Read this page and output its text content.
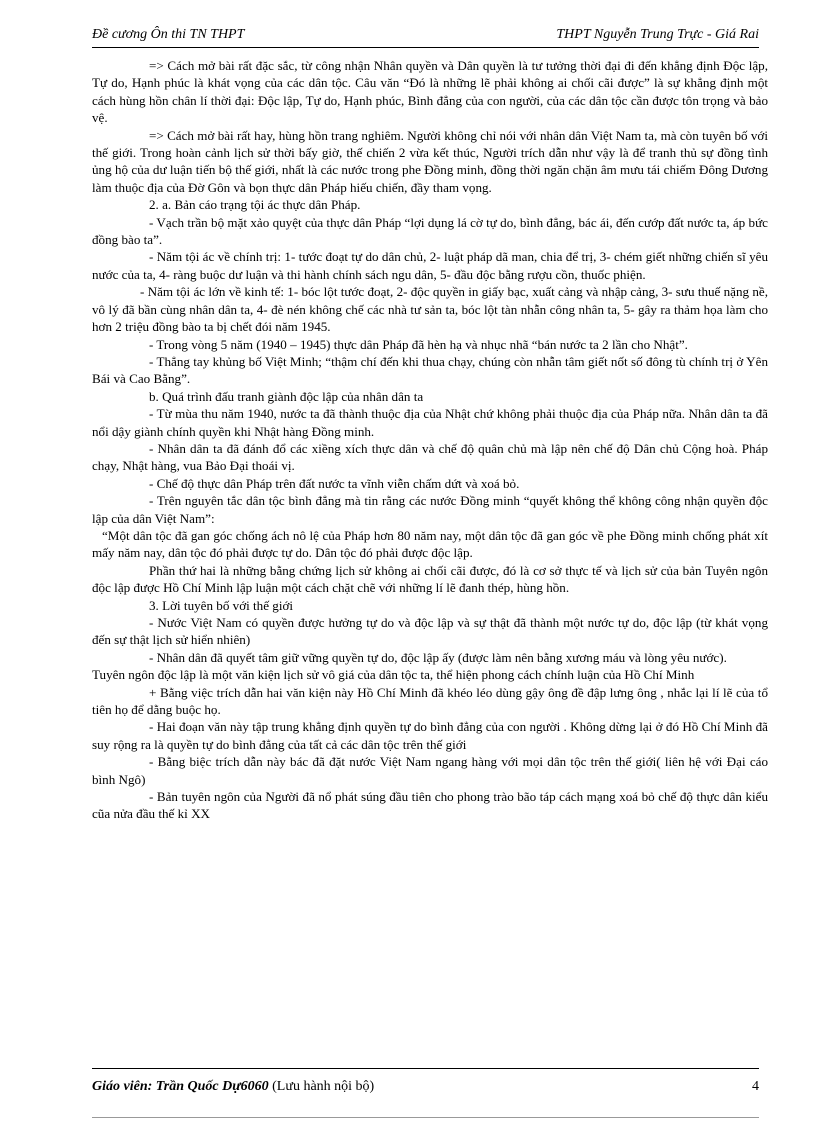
Đề cương Ôn thi TN THPT	THPT Nguyễn Trung Trực - Giá Rai

=> Cách mở bài rất đặc sắc, từ công nhận Nhân quyền và Dân quyền là tư tưởng thời đại đi đến khẳng định Độc lập, Tự do, Hạnh phúc là khát vọng của các dân tộc. Câu văn “Đó là những lẽ phải không ai chối cãi được” là sự khẳng định một cách hùng hồn chân lí thời đại: Độc lập, Tự do, Hạnh phúc, Bình đẳng của con người, của các dân tộc cần được tôn trọng và bảo vệ.

=> Cách mở bài rất hay, hùng hồn trang nghiêm. Người không chỉ nói với nhân dân Việt Nam ta, mà còn tuyên bố với thế giới. Trong hoàn cảnh lịch sử thời bấy giờ, thế chiến 2 vừa kết thúc, Người trích dẫn như vậy là để tranh thủ sự đồng tình ủng hộ của dư luận tiến bộ thế giới, nhất là các nước trong phe Đồng minh, đồng thời ngăn chặn âm mưu tái chiếm Đông Dương làm thuộc địa của Đờ Gôn và bọn thực dân Pháp hiếu chiến, đầy tham vọng.

2. a. Bản cáo trạng tội ác thực dân Pháp.

- Vạch trần bộ mặt xảo quyệt của thực dân Pháp “lợi dụng lá cờ tự do, bình đẳng, bác ái, đến cướp đất nước ta, áp bức đồng bào ta”.

- Năm tội ác về chính trị: 1- tước đoạt tự do dân chủ, 2- luật pháp dã man, chia để trị, 3- chém giết những chiến sĩ yêu nước của ta, 4- ràng buộc dư luận và thi hành chính sách ngu dân, 5- đầu độc bằng rượu cồn, thuốc phiện.

- Năm tội ác lớn về kinh tế: 1- bóc lột tước đoạt, 2- độc quyền in giấy bạc, xuất cảng và nhập cảng, 3- sưu thuế nặng nề, vô lý đã bần cùng nhân dân ta, 4- đè nén không chế các nhà tư sản ta, bóc lột tàn nhẫn công nhân ta, 5- gây ra thảm họa làm cho hơn 2 triệu đồng bào ta bị chết đói năm 1945.

- Trong vòng 5 năm (1940 – 1945) thực dân Pháp đã hèn hạ và nhục nhã “bán nước ta 2 lần cho Nhật”.

- Thẳng tay khủng bố Việt Minh; “thậm chí đến khi thua chạy, chúng còn nhẫn tâm giết nốt số đông tù chính trị ở Yên Bái và Cao Bằng”.

b. Quá trình đấu tranh giành độc lập của nhân dân ta

- Từ mùa thu năm 1940, nước ta đã thành thuộc địa của Nhật chứ không phải thuộc địa của Pháp nữa. Nhân dân ta đã nổi dậy giành chính quyền khi Nhật hàng Đồng minh.

- Nhân dân ta đã đánh đổ các xiềng xích thực dân và chế độ quân chủ mà lập nên chế độ Dân chủ Cộng hoà. Pháp chạy, Nhật hàng, vua Bảo Đại thoái vị.

- Chế độ thực dân Pháp trên đất nước ta vĩnh viễn chấm dứt và xoá bỏ.

- Trên nguyên tắc dân tộc bình đẳng mà tin rằng các nước Đồng minh “quyết không thể không công nhận quyền độc lập của dân Việt Nam”:

“Một dân tộc đã gan góc chống ách nô lệ của Pháp hơn 80 năm nay, một dân tộc đã gan góc về phe Đồng minh chống phát xít mấy năm nay, dân tộc đó phải được tự do. Dân tộc đó phải được độc lập.

Phần thứ hai là những bằng chứng lịch sử không ai chối cãi được, đó là cơ sở thực tế và lịch sử của bản Tuyên ngôn độc lập được Hồ Chí Minh lập luận một cách chặt chẽ với những lí lẽ đanh thép, hùng hồn.

3. Lời tuyên bố với thế giới

- Nước Việt Nam có quyền được hưởng tự do và độc lập và sự thật đã thành một nước tự do, độc lập (từ khát vọng đến sự thật lịch sử hiển nhiên)

- Nhân dân đã quyết tâm giữ vững quyền tự do, độc lập ấy (được làm nên bằng xương máu và lòng yêu nước).

Tuyên ngôn độc lập là một văn kiện lịch sử vô giá của dân tộc ta, thể hiện phong cách chính luận của Hồ Chí Minh

+ Bằng việc trích dẫn hai văn kiện này Hồ Chí Minh đã khéo léo dùng gậy ông đề đập lưng ông , nhắc lại lí lẽ của tổ tiên họ để dằng buộc họ.

- Hai đoạn văn này tập trung khẳng định quyền tự do bình đẳng của con người . Không dừng lại ở đó Hồ Chí Minh đã suy rộng ra là quyền tự do bình đẳng của tất cả các dân tộc trên thế giới

- Bằng biệc trích dẫn này bác đã đặt nước Việt Nam ngang hàng với mọi dân tộc trên thế giới( liên hệ với Đại cáo bình Ngô)

- Bản tuyên ngôn của Người đã nổ phát súng đầu tiên cho phong trào bão táp cách mạng xoá bỏ chế độ thực dân kiểu cũa nửa đầu thế kỉ XX

Giáo viên: Trần Quốc Dự6060 (Lưu hành nội bộ)	4
